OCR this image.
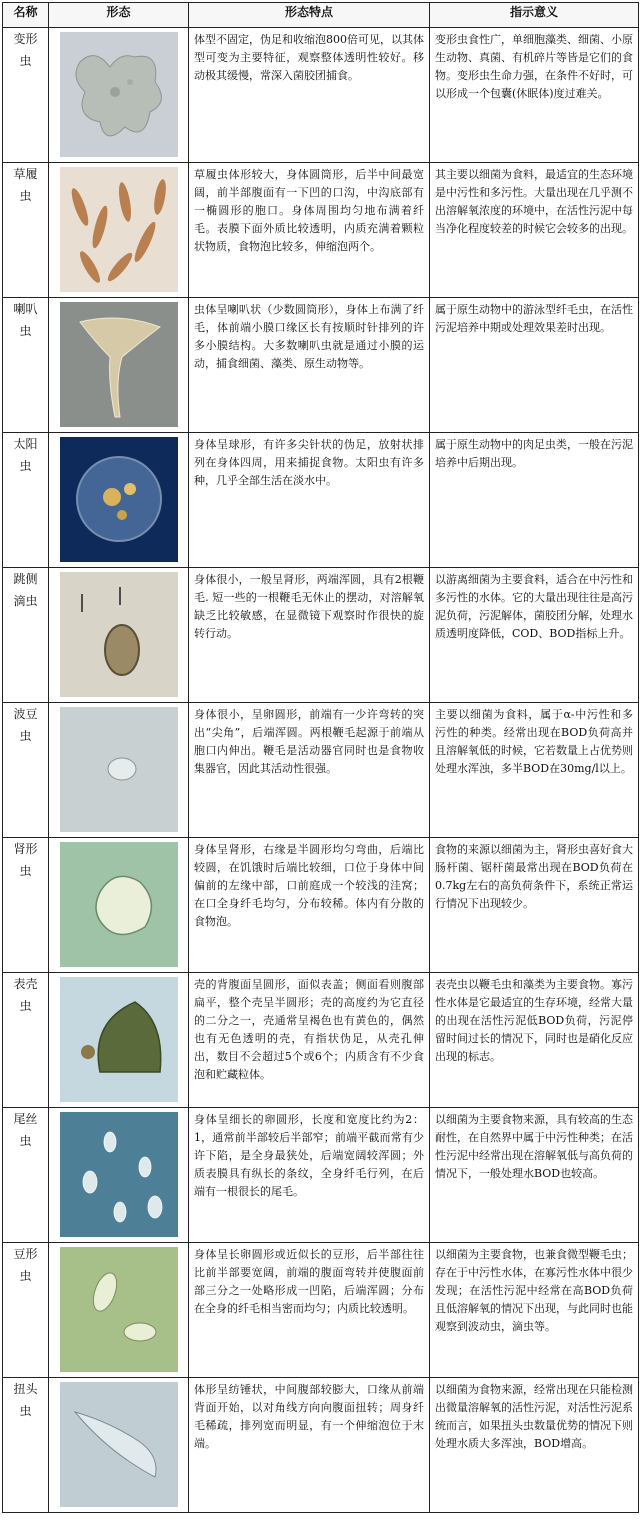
名称	形态	形态特点	指示意义
变形虫		体型不固定，伪足和收缩泡800倍可见，以其体型可变为主要特征，观察整体透明性较好。移动极其缓慢，常深入菌胶团捕食。	变形虫食性广，单细胞藻类、细菌、小原生动物、真菌、有机碎片等皆是它们的食物。变形虫生命力强，在条件不好时，可以形成一个包囊(休眠体)度过难关。
草履虫		草履虫体形较大，身体圆筒形，后半中间最宽阔，前半部腹面有一下凹的口沟，中沟底部有一椭圆形的胞口。身体周围均匀地布满着纤毛。表膜下面外质比较透明，内质充满着颗粒状物质，食物泡比较多，伸缩泡两个。	其主要以细菌为食料，最适宜的生态环境是中污性和多污性。大量出现在几乎测不出溶解氧浓度的环境中，在活性污泥中每当净化程度较差的时候它会较多的出现。
喇叭虫		虫体呈喇叭状（少数圆筒形），身体上布满了纤毛，体前端小膜口缘区长有按顺时针排列的许多小膜结构。大多数喇叭虫就是通过小膜的运动，捕食细菌、藻类、原生动物等。	属于原生动物中的游泳型纤毛虫，在活性污泥培养中期或处理效果差时出现。
太阳虫		身体呈球形，有许多尖针状的伪足，放射状排列在身体四周，用来捕捉食物。太阳虫有许多种，几乎全部生活在淡水中。	属于原生动物中的肉足虫类，一般在污泥培养中后期出现。
跳侧滴虫		身体很小，一般呈肾形，两端浑圆，具有2根鞭毛. 短一些的一根鞭毛无休止的摆动，对溶解氧缺乏比较敏感，在显微镜下观察时作很快的旋转行动。	以游离细菌为主要食料，适合在中污性和多污性的水体。它的大量出现往往是高污泥负荷，污泥解体，菌胶团分解，处理水质透明度降低，COD、BOD指标上升。
波豆虫		身体很小，呈卵圆形，前端有一少许弯转的突出“尖角”，后端浑圆。两根鞭毛起源于前端从胞口内伸出。鞭毛是活动器官同时也是食物收集器官，因此其活动性很强。	主要以细菌为食料，属于α-中污性和多污性的种类。经常出现在BOD负荷高并且溶解氧低的时候，它若数量上占优势则处理水浑浊，多半BOD在30mg/l以上。
肾形虫		身体呈肾形，右缘是半圆形均匀弯曲，后端比较圆，在饥饿时后端比较细，口位于身体中间偏前的左缘中部，口前庭成一个较浅的洼窝；在口全身纤毛均匀，分布较稀。体内有分散的食物泡。	食物的来源以细菌为主，肾形虫喜好食大肠杆菌、锯杆菌最常出现在BOD负荷在0.7kg左右的高负荷条件下，系统正常运行情况下出现较少。
表壳虫		壳的背腹面呈圆形，面似表盖；侧面看则腹部扁平，整个壳呈半圆形；壳的高度约为它直径的二分之一，壳通常呈褐色也有黄色的，偶然也有无色透明的壳，有指状伪足，从壳孔伸出，数目不会超过5个或6个；内质含有不少食泡和贮藏粒体。	表壳虫以鞭毛虫和藻类为主要食物。寡污性水体是它最适宜的生存环境，经常大量的出现在活性污泥低BOD负荷，污泥停留时间过长的情况下，同时也是硝化反应出现的标志。
尾丝虫		身体呈细长的卵圆形，长度和宽度比约为2：1，通常前半部较后半部窄；前端平截而常有少许下陷，是全身最狭处，后端宽阔较浑圆；外质表膜具有纵长的条纹，全身纤毛行列，在后端有一根很长的尾毛。	以细菌为主要食物来源，具有较高的生态耐性，在自然界中属于中污性种类；在活性污泥中经常出现在溶解氧低与高负荷的情况下，一般处理水BOD也较高。
豆形虫		身体呈长卵圆形或近似长的豆形，后半部往往比前半部要宽阔，前端的腹面弯转并使腹面前部三分之一处略形成一凹陷，后端浑圆；分布在全身的纤毛相当密而均匀；内质比较透明。	以细菌为主要食物，也兼食微型鞭毛虫；存在于中污性水体，在寡污性水体中很少发现；在活性污泥中经常在高BOD负荷且低溶解氧的情况下出现，与此同时也能观察到波动虫，滴虫等。
扭头虫		体形呈纺锤状，中间腹部较膨大，口缘从前端背面开始，以对角线方向向腹面扭转；周身纤毛稀疏，排列宽而明显，有一个伸缩泡位于末端。	以细菌为食物来源，经常出现在只能检测出微量溶解氧的活性污泥，对活性污泥系统而言，如果扭头虫数量优势的情况下则处理水质大多浑浊，BOD增高。
